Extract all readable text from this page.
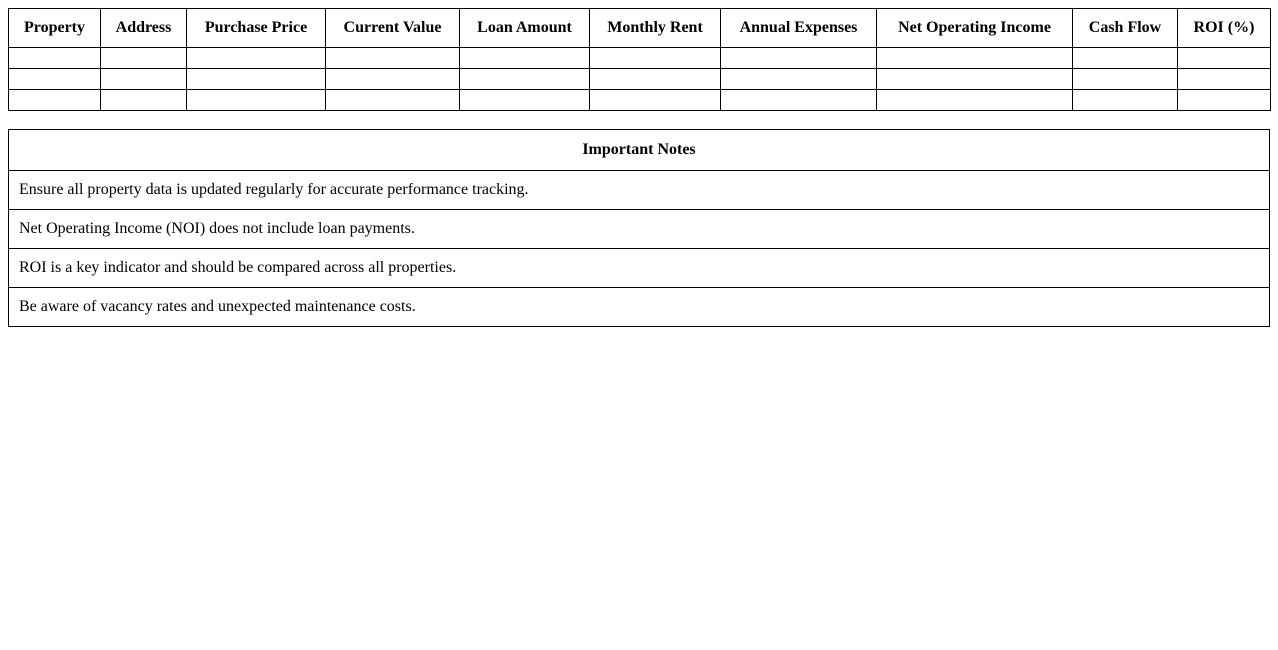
Property	Address	Purchase Price	Current Value	Loan Amount	Monthly Rent	Annual Expenses	Net Operating Income	Cash Flow	ROI (%)

Important Notes
Ensure all property data is updated regularly for accurate performance tracking.
Net Operating Income (NOI) does not include loan payments.
ROI is a key indicator and should be compared across all properties.
Be aware of vacancy rates and unexpected maintenance costs.
